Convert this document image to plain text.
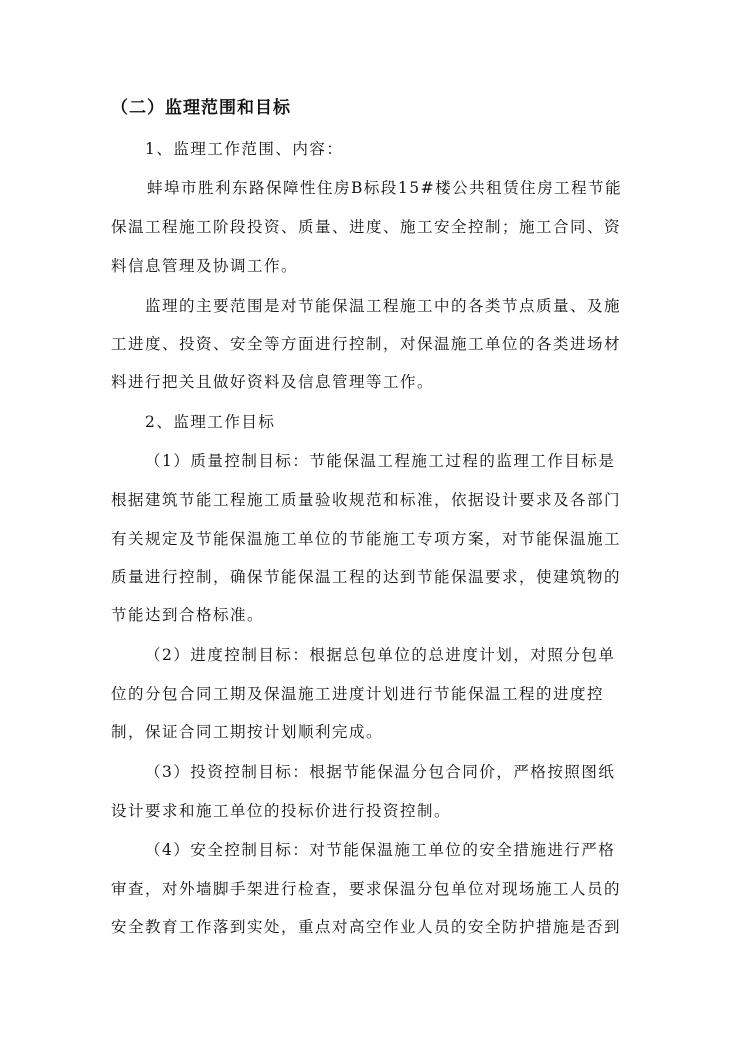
（二）监理范围和目标
1、监理工作范围、内容：
蚌埠市胜利东路保障性住房B标段15#楼公共租赁住房工程节能
保温工程施工阶段投资、质量、进度、施工安全控制；施工合同、资
料信息管理及协调工作。
监理的主要范围是对节能保温工程施工中的各类节点质量、及施
工进度、投资、安全等方面进行控制，对保温施工单位的各类进场材
料进行把关且做好资料及信息管理等工作。
2、监理工作目标
（1）质量控制目标：节能保温工程施工过程的监理工作目标是
根据建筑节能工程施工质量验收规范和标准，依据设计要求及各部门
有关规定及节能保温施工单位的节能施工专项方案，对节能保温施工
质量进行控制，确保节能保温工程的达到节能保温要求，使建筑物的
节能达到合格标准。
（2）进度控制目标：根据总包单位的总进度计划，对照分包单
位的分包合同工期及保温施工进度计划进行节能保温工程的进度控
制，保证合同工期按计划顺利完成。
（3）投资控制目标：根据节能保温分包合同价，严格按照图纸
设计要求和施工单位的投标价进行投资控制。
（4）安全控制目标：对节能保温施工单位的安全措施进行严格
审查，对外墙脚手架进行检查，要求保温分包单位对现场施工人员的
安全教育工作落到实处，重点对高空作业人员的安全防护措施是否到
